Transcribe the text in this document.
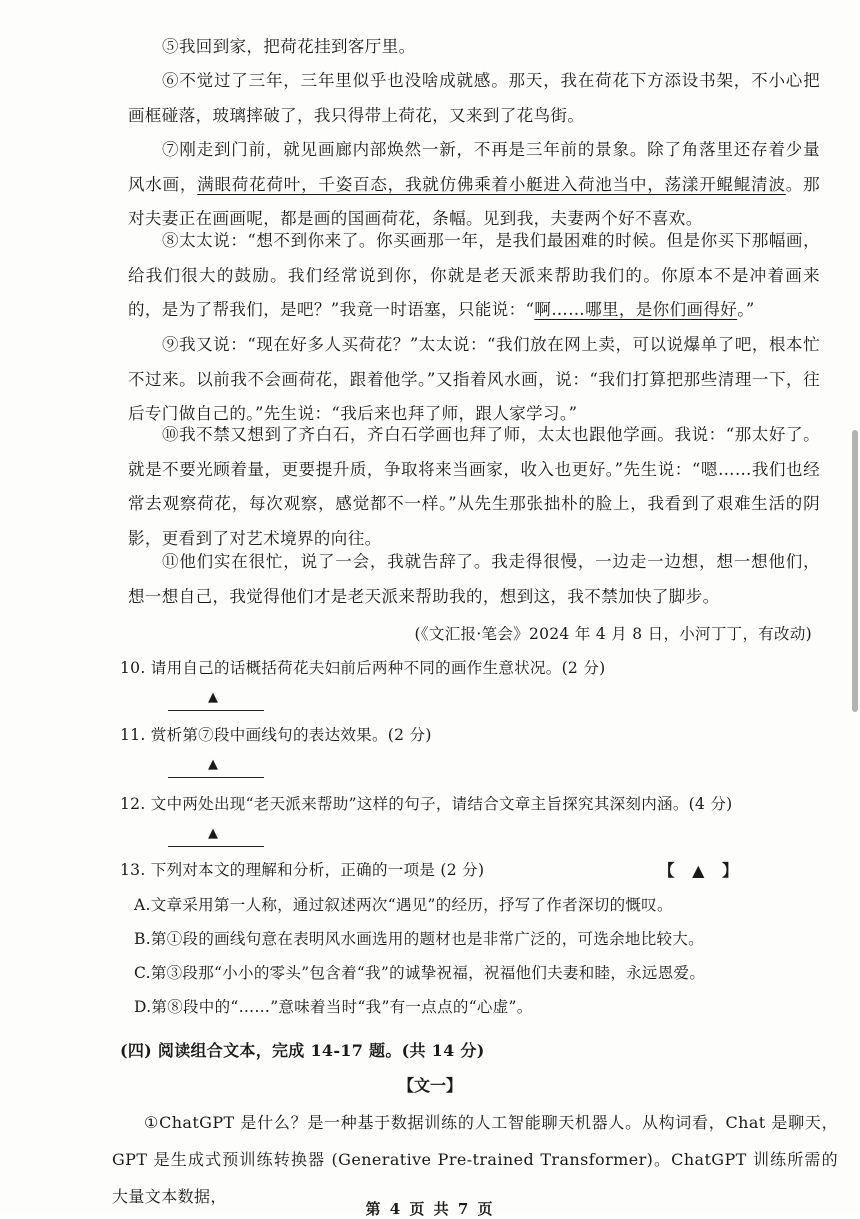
⑤我回到家，把荷花挂到客厅里。

⑥不觉过了三年，三年里似乎也没啥成就感。那天，我在荷花下方添设书架，不小心把画框碰落，玻璃摔破了，我只得带上荷花，又来到了花鸟街。

⑦刚走到门前，就见画廊内部焕然一新，不再是三年前的景象。除了角落里还存着少量风水画，满眼荷花荷叶，千姿百态，我就仿佛乘着小艇进入荷池当中，荡漾开鲲鲲清波。那对夫妻正在画画呢，都是画的国画荷花，条幅。见到我，夫妻两个好不喜欢。

⑧太太说：“想不到你来了。你买画那一年，是我们最困难的时候。但是你买下那幅画，给我们很大的鼓励。我们经常说到你，你就是老天派来帮助我们的。你原本不是冲着画来的，是为了帮我们，是吧？”我竟一时语塞，只能说：“啊……哪里，是你们画得好。”

⑨我又说：“现在好多人买荷花？”太太说：“我们放在网上卖，可以说爆单了吧，根本忙不过来。以前我不会画荷花，跟着他学。”又指着风水画，说：“我们打算把那些清理一下，往后专门做自己的。”先生说：“我后来也拜了师，跟人家学习。”

⑩我不禁又想到了齐白石，齐白石学画也拜了师，太太也跟他学画。我说：“那太好了。就是不要光顾着量，更要提升质，争取将来当画家，收入也更好。”先生说：“嗯……我们也经常去观察荷花，每次观察，感觉都不一样。”从先生那张拙朴的脸上，我看到了艰难生活的阴影，更看到了对艺术境界的向往。

⑪他们实在很忙，说了一会，我就告辞了。我走得很慢，一边走一边想，想一想他们，想一想自己，我觉得他们才是老天派来帮助我的，想到这，我不禁加快了脚步。

(《文汇报·笔会》2024 年 4 月 8 日，小河丁丁，有改动)
10. 请用自己的话概括荷花夫妇前后两种不同的画作生意状况。(2 分)
▲
11. 赏析第⑦段中画线句的表达效果。(2 分)
▲
12. 文中两处出现“老天派来帮助”这样的句子，请结合文章主旨探究其深刻内涵。(4 分)
▲
13. 下列对本文的理解和分析，正确的一项是 (2 分)	【 ▲ 】
A.文章采用第一人称，通过叙述两次“遇见”的经历，抒写了作者深切的慨叹。
B.第①段的画线句意在表明风水画选用的题材也是非常广泛的，可选余地比较大。
C.第③段那“小小的零头”包含着“我”的诚挚祝福，祝福他们夫妻和睦，永远恩爱。
D.第⑧段中的“……”意味着当时“我”有一点点的“心虚”。
(四) 阅读组合文本，完成 14-17 题。(共 14 分)
【文一】

①ChatGPT 是什么？是一种基于数据训练的人工智能聊天机器人。从构词看，Chat 是聊天，GPT 是生成式预训练转换器 (Generative Pre-trained Transformer)。ChatGPT 训练所需的大量文本数据，

第 4 页 共 7 页
